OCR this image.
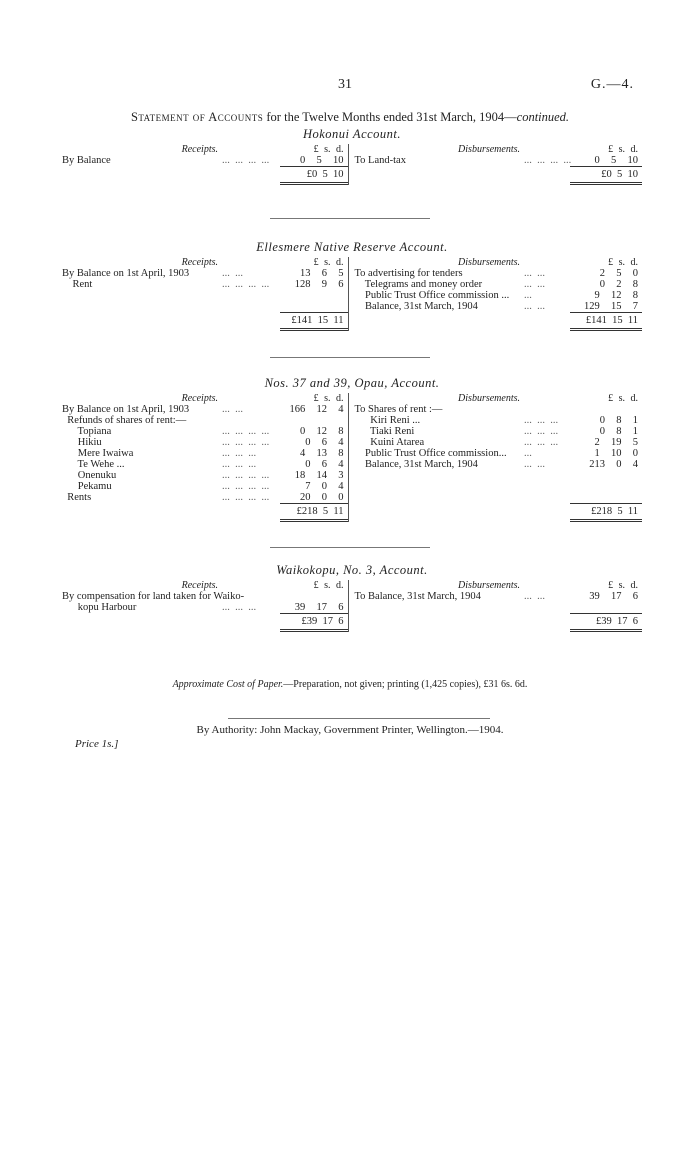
31	G.—4.
Statement of Accounts for the Twelve Months ended 31st March, 1904—continued.
Hokonui Account.
Receipts.		£ s. d.	Disbursements.		£ s. d.
By Balance	...  ...  ...  ...	0  5  10	To Land-tax	...  ...  ...  ...	0  5  10

		£0  5  10			£0  5  10
Ellesmere Native Reserve Account.
Receipts.		£ s. d.	Disbursements.		£ s. d.
By Balance on 1st April, 1903	...  ...	13  6  5	To advertising for tenders	...  ...	2  5  0
Rent	...  ...  ...  ...	128  9  6	Telegrams and money order	...  ...	0  2  8
			Public Trust Office commission ...	...	9  12  8
			Balance, 31st March, 1904	...  ...	129  15  7

		£141  15  11			£141  15  11
Nos. 37 and 39, Opau, Account.
Receipts.		£ s. d.	Disbursements.		£ s. d.
By Balance on 1st April, 1903	...  ...	166  12  4	To Shares of rent :—		
Refunds of shares of rent:—			Kiri Reni ...	...  ...  ...	0  8  1
Topiana	...  ...  ...  ...	0  12  8	Tiaki Reni	...  ...  ...	0  8  1
Hikiu	...  ...  ...  ...	0  6  4	Kuini Atarea	...  ...  ...	2  19  5
Mere Iwaiwa	...  ...  ...	4  13  8	Public Trust Office commission...	...	1  10  0
Te Wehe ...	...  ...  ...	0  6  4	Balance, 31st March, 1904	...  ...	213  0  4
Onenuku	...  ...  ...  ...	18  14  3			
Pekamu	...  ...  ...  ...	7  0  4			
Rents	...  ...  ...  ...	20  0  0			

		£218  5  11			£218  5  11
Waikokopu, No. 3, Account.
Receipts.		£ s. d.	Disbursements.		£ s. d.
By compensation for land taken for Waiko-			To Balance, 31st March, 1904	...  ...	39  17  6
kopu Harbour	...  ...  ...	39  17  6			

		£39  17  6			£39  17  6
Approximate Cost of Paper.—Preparation, not given; printing (1,425 copies), £31 6s. 6d.
By Authority: John Mackay, Government Printer, Wellington.—1904.
Price 1s.]
